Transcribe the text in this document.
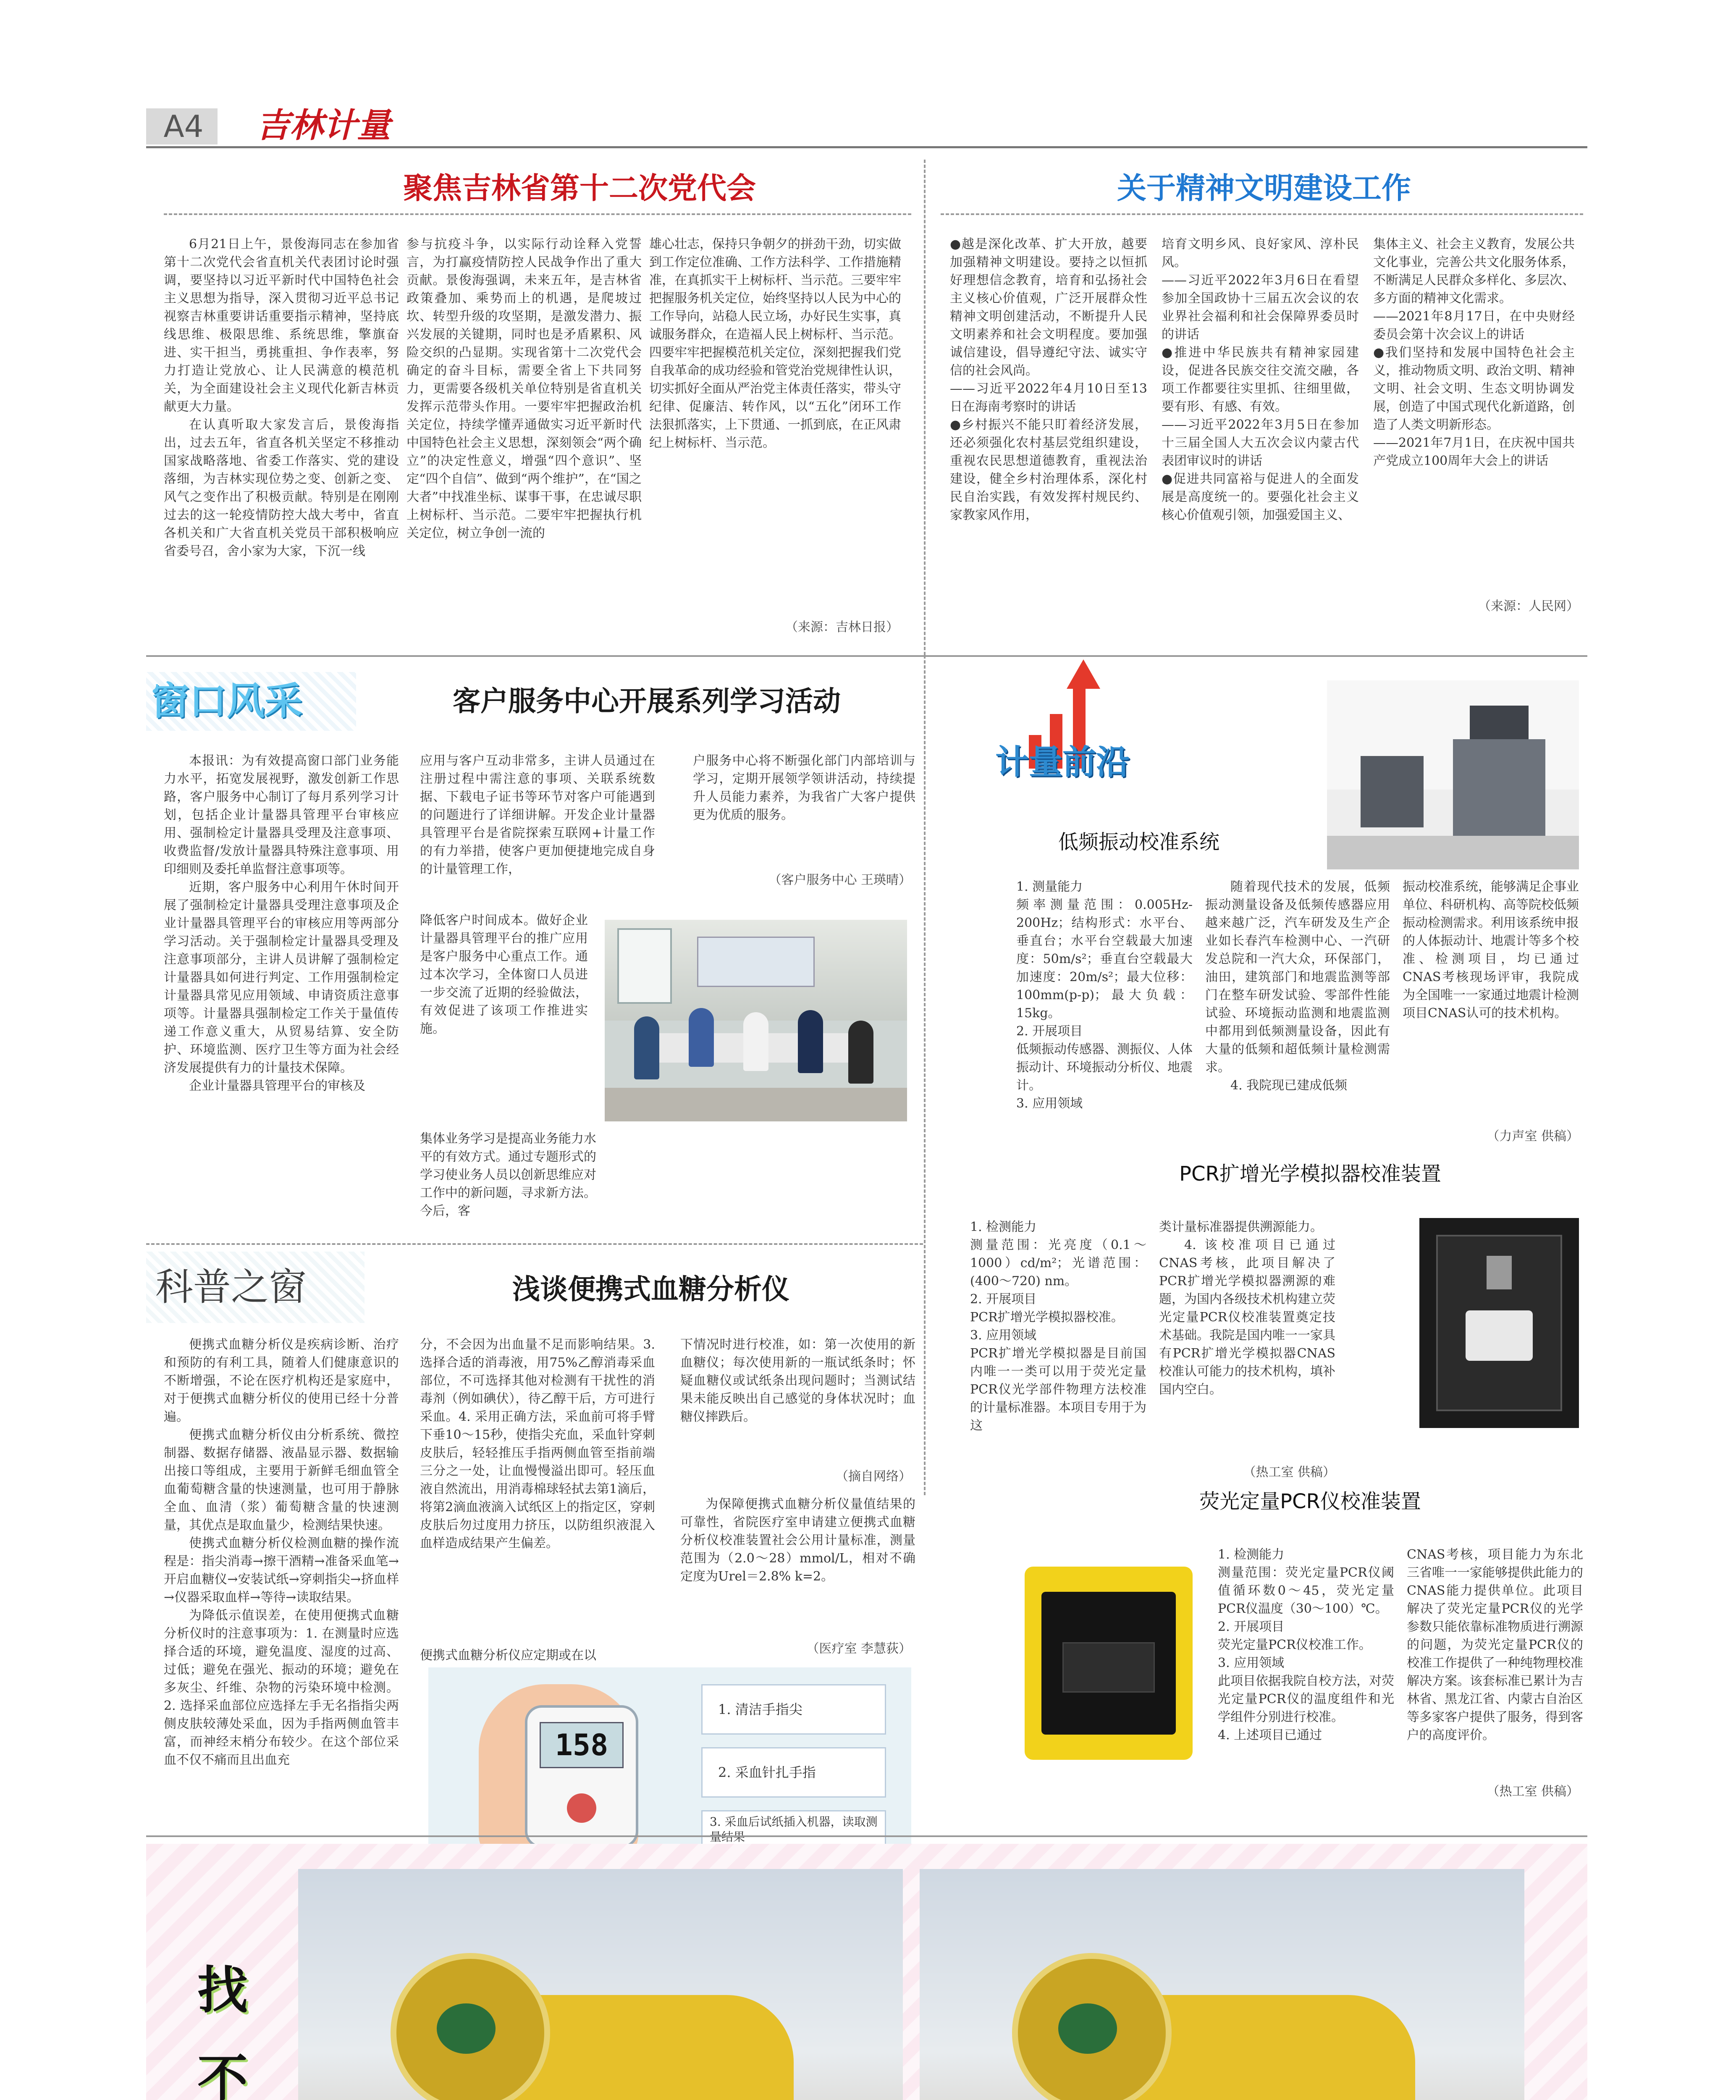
A4	吉林计量
聚焦吉林省第十二次党代会

6月21日上午，景俊海同志在参加省第十二次党代会省直机关代表团讨论时强调，要坚持以习近平新时代中国特色社会主义思想为指导，深入贯彻习近平总书记视察吉林重要讲话重要指示精神，坚持底线思维、极限思维、系统思维，擎旗奋进、实干担当，勇挑重担、争作表率，努力打造让党放心、让人民满意的模范机关，为全面建设社会主义现代化新吉林贡献更大力量。

在认真听取大家发言后，景俊海指出，过去五年，省直各机关坚定不移推动国家战略落地、省委工作落实、党的建设落细，为吉林实现位势之变、创新之变、风气之变作出了积极贡献。特别是在刚刚过去的这一轮疫情防控大战大考中，省直各机关和广大省直机关党员干部积极响应省委号召，舍小家为大家，下沉一线

参与抗疫斗争，以实际行动诠释入党誓言，为打赢疫情防控人民战争作出了重大贡献。景俊海强调，未来五年，是吉林省政策叠加、乘势而上的机遇，是爬坡过坎、转型升级的攻坚期，是激发潜力、振兴发展的关键期，同时也是矛盾累积、风险交织的凸显期。实现省第十二次党代会确定的奋斗目标，需要全省上下共同努力，更需要各级机关单位特别是省直机关发挥示范带头作用。一要牢牢把握政治机关定位，持续学懂弄通做实习近平新时代中国特色社会主义思想，深刻领会“两个确立”的决定性意义，增强“四个意识”、坚定“四个自信”、做到“两个维护”，在“国之大者”中找准坐标、谋事干事，在忠诚尽职上树标杆、当示范。二要牢牢把握执行机关定位，树立争创一流的
雄心壮志，保持只争朝夕的拼劲干劲，切实做到工作定位准确、工作方法科学、工作措施精准，在真抓实干上树标杆、当示范。三要牢牢把握服务机关定位，始终坚持以人民为中心的工作导向，站稳人民立场，办好民生实事，真诚服务群众，在造福人民上树标杆、当示范。四要牢牢把握模范机关定位，深刻把握我们党自我革命的成功经验和管党治党规律性认识，切实抓好全面从严治党主体责任落实，带头守纪律、促廉洁、转作风，以“五化”闭环工作法狠抓落实，上下贯通、一抓到底，在正风肃纪上树标杆、当示范。
（来源：吉林日报）
关于精神文明建设工作
●越是深化改革、扩大开放，越要加强精神文明建设。要持之以恒抓好理想信念教育，培育和弘扬社会主义核心价值观，广泛开展群众性精神文明创建活动，不断提升人民文明素养和社会文明程度。要加强诚信建设，倡导遵纪守法、诚实守信的社会风尚。
——习近平2022年4月10日至13日在海南考察时的讲话
●乡村振兴不能只盯着经济发展，还必须强化农村基层党组织建设，重视农民思想道德教育，重视法治建设，健全乡村治理体系，深化村民自治实践，有效发挥村规民约、家教家风作用，
培育文明乡风、良好家风、淳朴民风。
——习近平2022年3月6日在看望参加全国政协十三届五次会议的农业界社会福利和社会保障界委员时的讲话
●推进中华民族共有精神家园建设，促进各民族交往交流交融，各项工作都要往实里抓、往细里做，要有形、有感、有效。
——习近平2022年3月5日在参加十三届全国人大五次会议内蒙古代表团审议时的讲话
●促进共同富裕与促进人的全面发展是高度统一的。要强化社会主义核心价值观引领，加强爱国主义、
集体主义、社会主义教育，发展公共文化事业，完善公共文化服务体系，不断满足人民群众多样化、多层次、多方面的精神文化需求。
——2021年8月17日，在中央财经委员会第十次会议上的讲话
●我们坚持和发展中国特色社会主义，推动物质文明、政治文明、精神文明、社会文明、生态文明协调发展，创造了中国式现代化新道路，创造了人类文明新形态。
——2021年7月1日，在庆祝中国共产党成立100周年大会上的讲话
（来源：人民网）
窗口风采	客户服务中心开展系列学习活动

本报讯：为有效提高窗口部门业务能力水平，拓宽发展视野，激发创新工作思路，客户服务中心制订了每月系列学习计划，包括企业计量器具管理平台审核应用、强制检定计量器具受理及注意事项、收费监督/发放计量器具特殊注意事项、用印细则及委托单监督注意事项等。

近期，客户服务中心利用午休时间开展了强制检定计量器具受理注意事项及企业计量器具管理平台的审核应用等两部分学习活动。关于强制检定计量器具受理及注意事项部分，主讲人员讲解了强制检定计量器具如何进行判定、工作用强制检定计量器具常见应用领域、申请资质注意事项等。计量器具强制检定工作关于量值传递工作意义重大，从贸易结算、安全防护、环境监测、医疗卫生等方面为社会经济发展提供有力的计量技术保障。

企业计量器具管理平台的审核及

应用与客户互动非常多，主讲人员通过在注册过程中需注意的事项、关联系统数据、下载电子证书等环节对客户可能遇到的问题进行了详细讲解。开发企业计量器具管理平台是省院探索互联网+计量工作的有力举措，使客户更加便捷地完成自身的计量管理工作，
户服务中心将不断强化部门内部培训与学习，定期开展领学领讲活动，持续提升人员能力素养，为我省广大客户提供更为优质的服务。
（客户服务中心 王瑛晴）
降低客户时间成本。做好企业计量器具管理平台的推广应用是客户服务中心重点工作。通过本次学习，全体窗口人员进一步交流了近期的经验做法，有效促进了该项工作推进实施。
集体业务学习是提高业务能力水平的有效方式。通过专题形式的学习使业务人员以创新思维应对工作中的新问题，寻求新方法。今后，客
计量前沿
低频振动校准系统
1. 测量能力
频率测量范围：0.005Hz-200Hz；结构形式：水平台、垂直台；水平台空载最大加速度：50m/s²；垂直台空载最大加速度：20m/s²；最大位移：100mm(p-p)；最大负载：15kg。
2. 开展项目
低频振动传感器、测振仪、人体振动计、环境振动分析仪、地震计。
3. 应用领域
随着现代技术的发展，低频振动测量设备及低频传感器应用越来越广泛，汽车研发及生产企业如长春汽车检测中心、一汽研发总院和一汽大众，环保部门，油田，建筑部门和地震监测等部门在整车研发试验、零部件性能试验、环境振动监测和地震监测中都用到低频测量设备，因此有大量的低频和超低频计量检测需求。
4. 我院现已建成低频
振动校准系统，能够满足企事业单位、科研机构、高等院校低频振动检测需求。利用该系统申报的人体振动计、地震计等多个校准、检测项目，均已通过CNAS考核现场评审，我院成为全国唯一一家通过地震计检测项目CNAS认可的技术机构。
（力声室 供稿）
PCR扩增光学模拟器校准装置
1. 检测能力
测量范围：光亮度（0.1～1000）cd/m²；光谱范围：(400～720) nm。
2. 开展项目
PCR扩增光学模拟器校准。
3. 应用领域
PCR扩增光学模拟器是目前国内唯一一类可以用于荧光定量PCR仪光学部件物理方法校准的计量标准器。本项目专用于为这
类计量标准器提供溯源能力。
4. 该校准项目已通过CNAS考核，此项目解决了PCR扩增光学模拟器溯源的难题，为国内各级技术机构建立荧光定量PCR仪校准装置奠定技术基础。我院是国内唯一一家具有PCR扩增光学模拟器CNAS校准认可能力的技术机构，填补国内空白。
（热工室 供稿）
荧光定量PCR仪校准装置
1. 检测能力
测量范围：荧光定量PCR仪阈值循环数0～45，荧光定量PCR仪温度（30～100）℃。
2. 开展项目
荧光定量PCR仪校准工作。
3. 应用领域
此项目依据我院自校方法，对荧光定量PCR仪的温度组件和光学组件分别进行校准。
4. 上述项目已通过
CNAS考核，项目能力为东北三省唯一一家能够提供此能力的CNAS能力提供单位。此项目解决了荧光定量PCR仪的光学参数只能依靠标准物质进行溯源的问题，为荧光定量PCR仪的校准工作提供了一种纯物理校准解决方案。该套标准已累计为吉林省、黑龙江省、内蒙古自治区等多家客户提供了服务，得到客户的高度评价。
（热工室 供稿）
科普之窗	浅谈便携式血糖分析仪

便携式血糖分析仪是疾病诊断、治疗和预防的有利工具，随着人们健康意识的不断增强，不论在医疗机构还是家庭中，对于便携式血糖分析仪的使用已经十分普遍。

便携式血糖分析仪由分析系统、微控制器、数据存储器、液晶显示器、数据输出接口等组成，主要用于新鲜毛细血管全血葡萄糖含量的快速测量，也可用于静脉全血、血清（浆）葡萄糖含量的快速测量，其优点是取血量少，检测结果快速。

使携式血糖分析仪检测血糖的操作流程是：指尖消毒→擦干酒精→准备采血笔→开启血糖仪→安装试纸→穿刺指尖→挤血样→仪器采取血样→等待→读取结果。

为降低示值误差，在使用便携式血糖分析仪时的注意事项为：1. 在测量时应选择合适的环境，避免温度、湿度的过高、过低；避免在强光、振动的环境；避免在多灰尘、纤维、杂物的污染环境中检测。2. 选择采血部位应选择左手无名指指尖两侧皮肤较薄处采血，因为手指两侧血管丰富，而神经末梢分布较少。在这个部位采血不仅不痛而且出血充

分，不会因为出血量不足而影响结果。3. 选择合适的消毒液，用75%乙醇消毒采血部位，不可选择其他对检测有干扰性的消毒剂（例如碘伏），待乙醇干后，方可进行采血。4. 采用正确方法，采血前可将手臂下垂10～15秒，使指尖充血，采血针穿刺皮肤后，轻轻推压手指两侧血管至指前端三分之一处，让血慢慢溢出即可。轻压血液自然流出，用消毒棉球轻拭去第1滴后，将第2滴血液滴入试纸区上的指定区，穿刺皮肤后勿过度用力挤压，以防组织液混入血样造成结果产生偏差。
便携式血糖分析仪应定期或在以
下情况时进行校准，如：第一次使用的新血糖仪；每次使用新的一瓶试纸条时；怀疑血糖仪或试纸条出现问题时；当测试结果未能反映出自己感觉的身体状况时；血糖仪摔跌后。
（摘自网络）
为保障便携式血糖分析仪量值结果的可靠性，省院医疗室申请建立便携式血糖分析仪校准装置社会公用计量标准，测量范围为（2.0～28）mmol/L，相对不确定度为Urel＝2.8% k=2。
（医疗室 李慧荻）
158
1. 清洁手指尖
2. 采血针扎手指
3. 采血后试纸插入机器，读取测量结果
找
不
